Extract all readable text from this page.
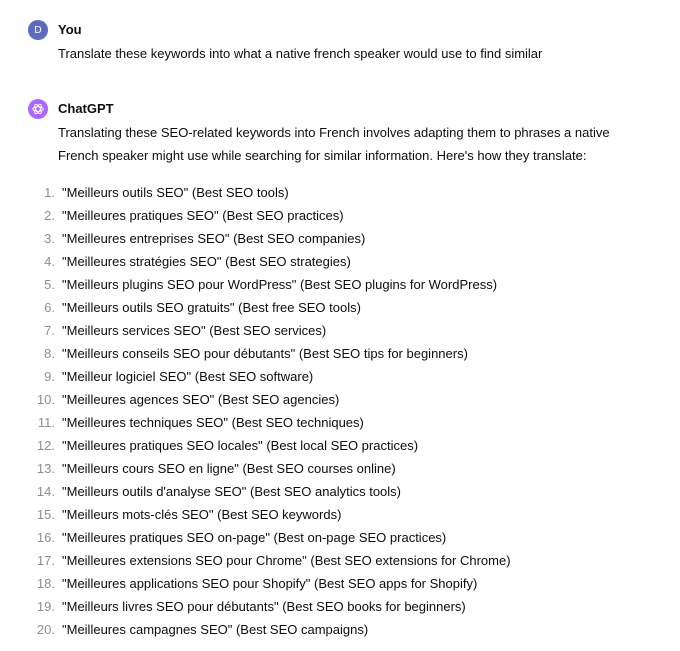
D You
Translate these keywords into what a native french speaker would use to find similar
ChatGPT
Translating these SEO-related keywords into French involves adapting them to phrases a native
French speaker might use while searching for similar information. Here's how they translate:
1. "Meilleurs outils SEO" (Best SEO tools)
2. "Meilleures pratiques SEO" (Best SEO practices)
3. "Meilleures entreprises SEO" (Best SEO companies)
4. "Meilleures stratégies SEO" (Best SEO strategies)
5. "Meilleurs plugins SEO pour WordPress" (Best SEO plugins for WordPress)
6. "Meilleurs outils SEO gratuits" (Best free SEO tools)
7. "Meilleurs services SEO" (Best SEO services)
8. "Meilleurs conseils SEO pour débutants" (Best SEO tips for beginners)
9. "Meilleur logiciel SEO" (Best SEO software)
10. "Meilleures agences SEO" (Best SEO agencies)
11. "Meilleures techniques SEO" (Best SEO techniques)
12. "Meilleures pratiques SEO locales" (Best local SEO practices)
13. "Meilleurs cours SEO en ligne" (Best SEO courses online)
14. "Meilleurs outils d'analyse SEO" (Best SEO analytics tools)
15. "Meilleurs mots-clés SEO" (Best SEO keywords)
16. "Meilleures pratiques SEO on-page" (Best on-page SEO practices)
17. "Meilleures extensions SEO pour Chrome" (Best SEO extensions for Chrome)
18. "Meilleures applications SEO pour Shopify" (Best SEO apps for Shopify)
19. "Meilleurs livres SEO pour débutants" (Best SEO books for beginners)
20. "Meilleures campagnes SEO" (Best SEO campaigns)
